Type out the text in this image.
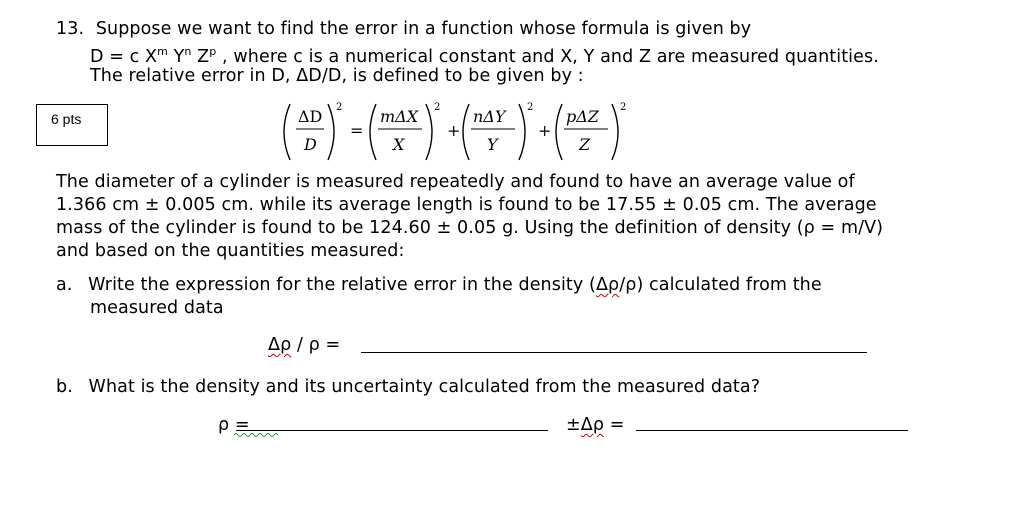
13. Suppose we want to find the error in a function whose formula is given by
D = c $X^m$ $Y^n$ $Z^p$ , where c is a numerical constant and X, Y and Z are measured quantities.
The relative error in D, ΔD/D, is defined to be given by :
6 pts	ΔD
D
2
=
mΔX
X
2
+
nΔY
Y
2
+
pΔZ
Z
2
The diameter of a cylinder is measured repeatedly and found to have an average value of
1.366 cm ± 0.005 cm. while its average length is found to be 17.55 ± 0.05 cm. The average
mass of the cylinder is found to be 124.60 ± 0.05 g. Using the definition of density (ρ = m/V)
and based on the quantities measured:
a. Write the expression for the relative error in the density (Δρ/ρ) calculated from the
measured data
Δρ / ρ =
b. What is the density and its uncertainty calculated from the measured data?
ρ =	±Δρ =
